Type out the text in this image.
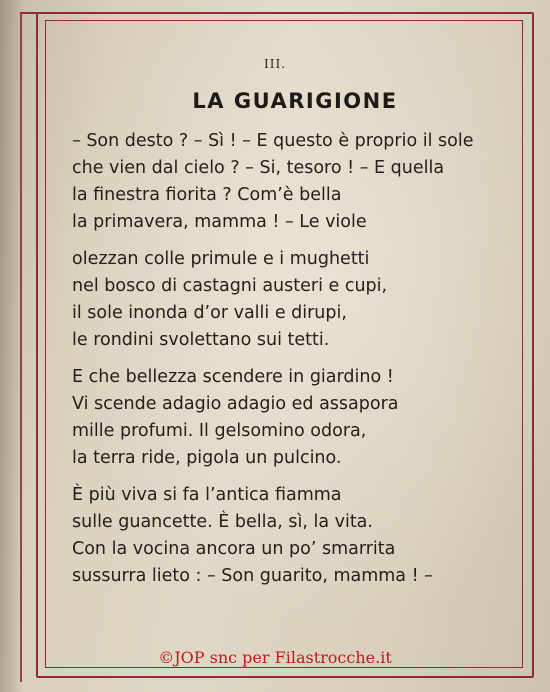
III.
LA GUARIGIONE
– Son desto ? – Sì ! – E questo è proprio il sole
che vien dal cielo ? – Si, tesoro ! – E quella
la finestra fiorita ? Com’è bella
la primavera, mamma ! – Le viole
olezzan colle primule e i mughetti
nel bosco di castagni austeri e cupi,
il sole inonda d’or valli e dirupi,
le rondini svolettano sui tetti.
E che bellezza scendere in giardino !
Vi scende adagio adagio ed assapora
mille profumi. Il gelsomino odora,
la terra ride, pigola un pulcino.
È più viva si fa l’antica fiamma
sulle guancette. È bella, sì, la vita.
Con la vocina ancora un po’ smarrita
sussurra lieto : – Son guarito, mamma ! –
©JOP snc per Filastrocche.it
